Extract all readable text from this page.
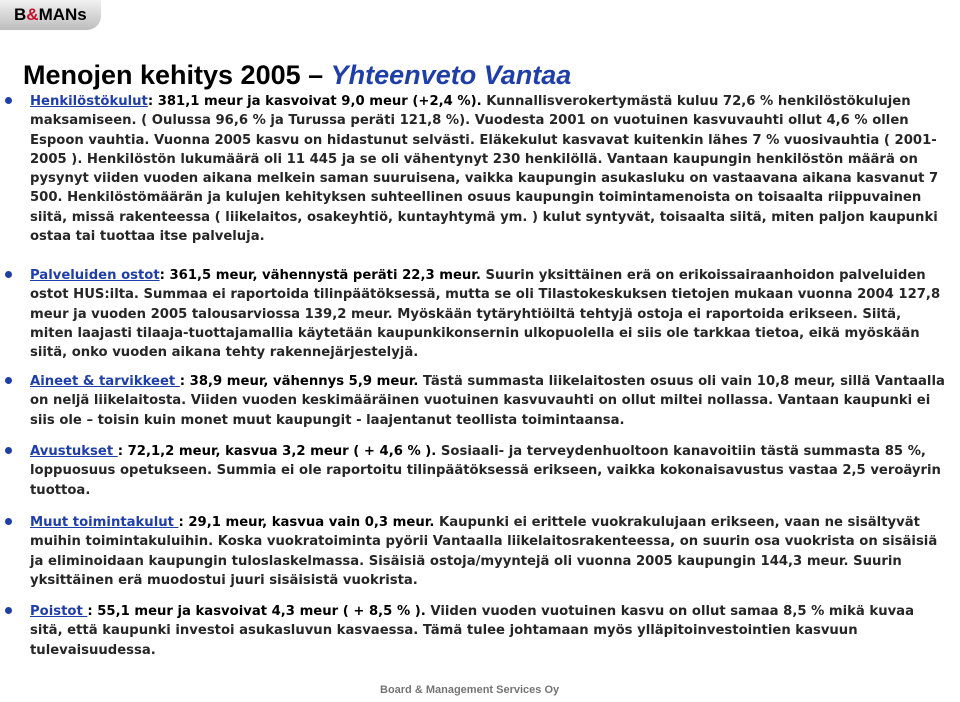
B&MANs
Menojen kehitys 2005 – Yhteenveto Vantaa
Henkilöstökulut: 381,1 meur ja kasvoivat 9,0 meur (+2,4 %). Kunnallisverokertymästä kuluu 72,6 % henkilöstökulujen maksamiseen. ( Oulussa 96,6 % ja Turussa peräti 121,8 %). Vuodesta 2001 on vuotuinen kasvuvauhti ollut 4,6 % ollen Espoon vauhtia. Vuonna 2005 kasvu on hidastunut selvästi. Eläkekulut kasvavat kuitenkin lähes 7 % vuosivauhtia ( 2001-2005 ). Henkilöstön lukumäärä oli 11 445 ja se oli vähentynyt 230 henkilöllä. Vantaan kaupungin henkilöstön määrä on pysynyt viiden vuoden aikana melkein saman suuruisena, vaikka kaupungin asukasluku on vastaavana aikana kasvanut 7 500. Henkilöstömäärän ja kulujen kehityksen suhteellinen osuus kaupungin toimintamenoista on toisaalta riippuvainen siitä, missä rakenteessa ( liikelaitos, osakeyhtiö, kuntayhtymä ym. ) kulut syntyvät, toisaalta siitä, miten paljon kaupunki ostaa tai tuottaa itse palveluja.
Palveluiden ostot: 361,5 meur, vähennystä peräti 22,3 meur. Suurin yksittäinen erä on erikoissairaanhoidon palveluiden ostot HUS:ilta. Summaa ei raportoida tilinpäätöksessä, mutta se oli Tilastokeskuksen tietojen mukaan vuonna 2004 127,8 meur ja vuoden 2005 talousarviossa 139,2 meur. Myöskään tytäryhtiöiltä tehtyjä ostoja ei raportoida erikseen. Siitä, miten laajasti tilaaja-tuottajamallia käytetään kaupunkikonsernin ulkopuolella ei siis ole tarkkaa tietoa, eikä myöskään siitä, onko vuoden aikana tehty rakennejärjestelyjä.
Aineet & tarvikkeet : 38,9 meur, vähennys 5,9 meur. Tästä summasta liikelaitosten osuus oli vain 10,8 meur, sillä Vantaalla on neljä liikelaitosta. Viiden vuoden keskimääräinen vuotuinen kasvuvauhti on ollut miltei nollassa. Vantaan kaupunki ei siis ole – toisin kuin monet muut kaupungit - laajentanut teollista toimintaansa.
Avustukset : 72,1,2 meur, kasvua 3,2 meur ( + 4,6 % ). Sosiaali- ja terveydenhuoltoon kanavoitiin tästä summasta 85 %, loppuosuus opetukseen. Summia ei ole raportoitu tilinpäätöksessä erikseen, vaikka kokonaisavustus vastaa 2,5 veroäyrin tuottoa.
Muut toimintakulut : 29,1 meur, kasvua vain 0,3 meur. Kaupunki ei erittele vuokrakulujaan erikseen, vaan ne sisältyvät muihin toimintakuluihin. Koska vuokratoiminta pyörii Vantaalla liikelaitosrakenteessa, on suurin osa vuokrista on sisäisiä ja eliminoidaan kaupungin tuloslaskelmassa. Sisäisiä ostoja/myyntejä oli vuonna 2005 kaupungin 144,3 meur. Suurin yksittäinen erä muodostui juuri sisäisistä vuokrista.
Poistot : 55,1 meur ja kasvoivat 4,3 meur ( + 8,5 % ). Viiden vuoden vuotuinen kasvu on ollut samaa 8,5 % mikä kuvaa sitä, että kaupunki investoi asukasluvun kasvaessa. Tämä tulee johtamaan myös ylläpitoinvestointien kasvuun tulevaisuudessa.
Board & Management Services Oy
